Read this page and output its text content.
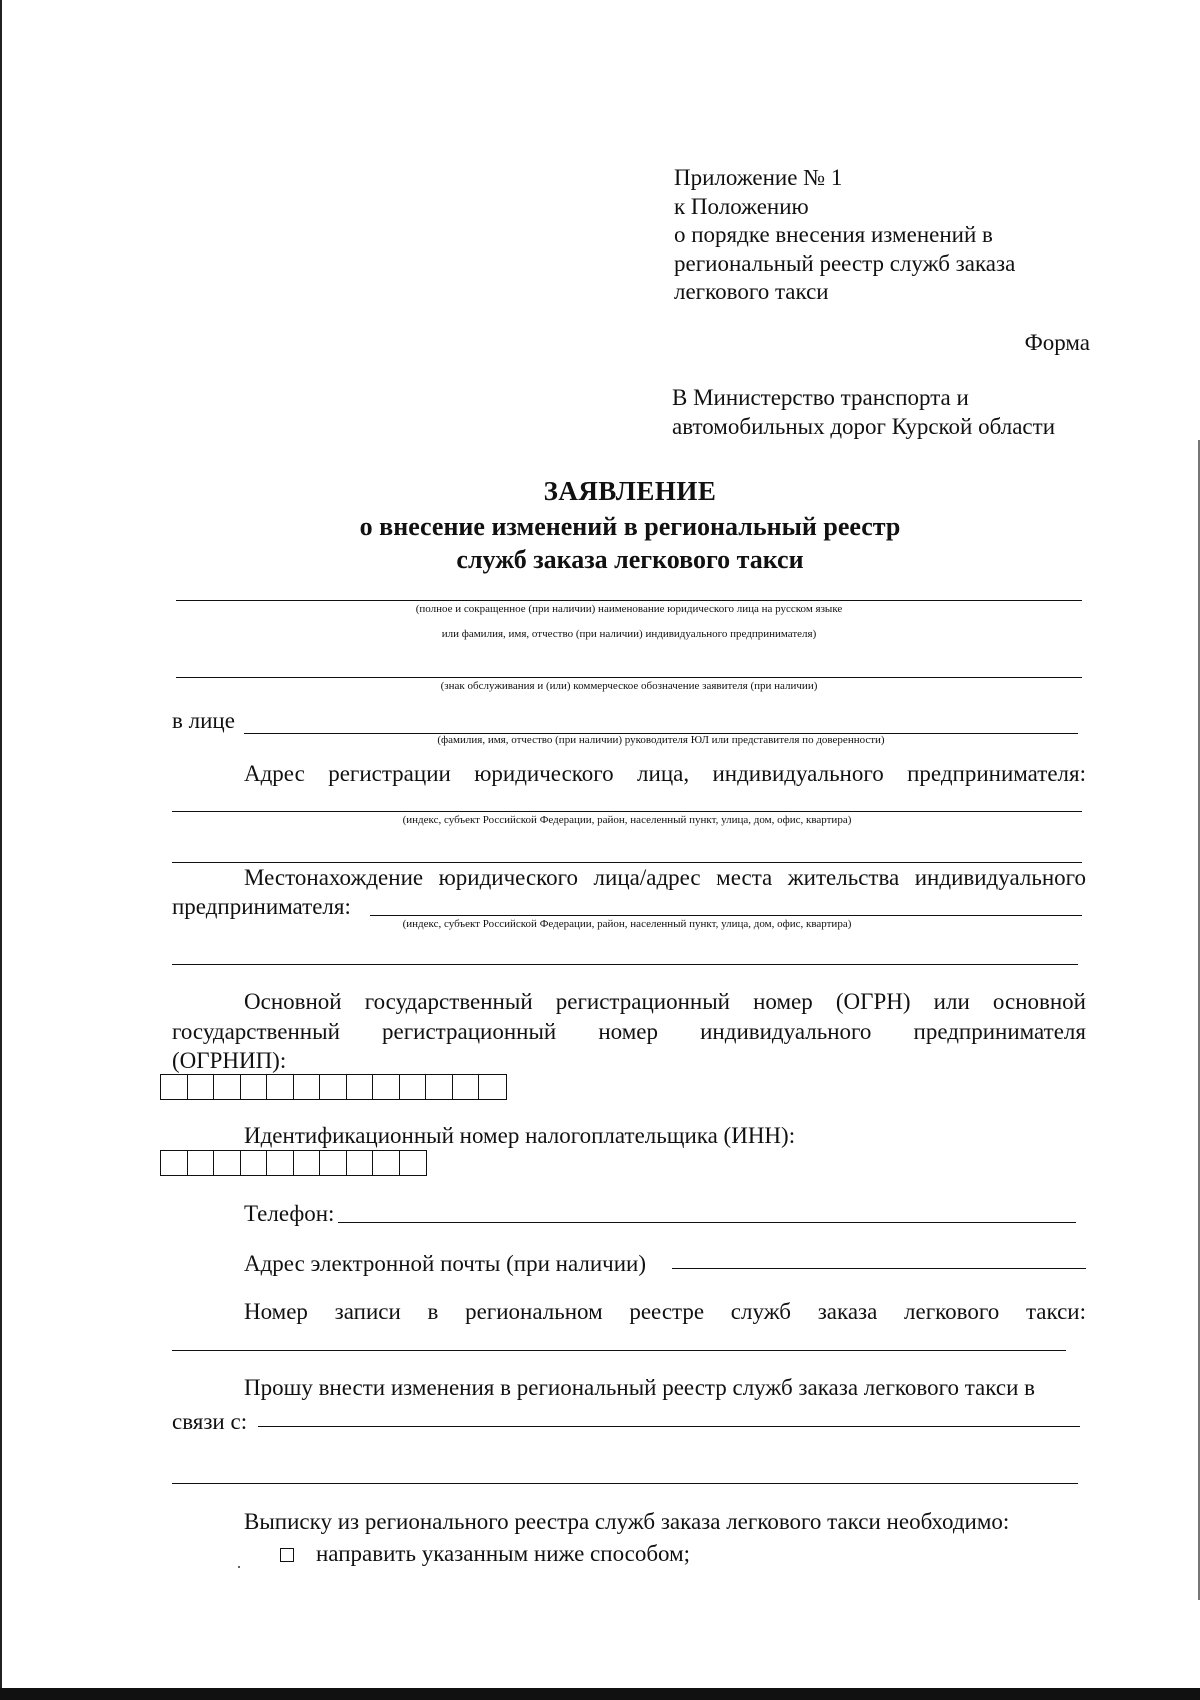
Приложение № 1
к Положению
о порядке внесения изменений в
региональный реестр служб заказа
легкового такси
Форма
В Министерство транспорта и
автомобильных дорог Курской области
ЗАЯВЛЕНИЕ
о внесение изменений в региональный реестр
служб заказа легкового такси
(полное и сокращенное (при наличии) наименование юридического лица на русском языке
или фамилия, имя, отчество (при наличии) индивидуального предпринимателя)
(знак обслуживания и (или) коммерческое обозначение заявителя (при наличии)
в лице
(фамилия, имя, отчество (при наличии) руководителя ЮЛ или представителя по доверенности)
Адрес регистрации юридического лица, индивидуального предпринимателя:
(индекс, субъект Российской Федерации, район, населенный пункт, улица, дом, офис, квартира)
Местонахождение юридического лица/адрес места жительства индивидуального
предпринимателя:
(индекс, субъект Российской Федерации, район, населенный пункт, улица, дом, офис, квартира)
Основной государственный регистрационный номер (ОГРН) или основной
государственный регистрационный номер индивидуального предпринимателя
(ОГРНИП):
Идентификационный номер налогоплательщика (ИНН):
Телефон:
Адрес электронной почты (при наличии)
Номер записи в региональном реестре служб заказа легкового такси:
Прошу внести изменения в региональный реестр служб заказа легкового такси в
связи с:
Выписку из регионального реестра служб заказа легкового такси необходимо:
направить указанным ниже способом;
